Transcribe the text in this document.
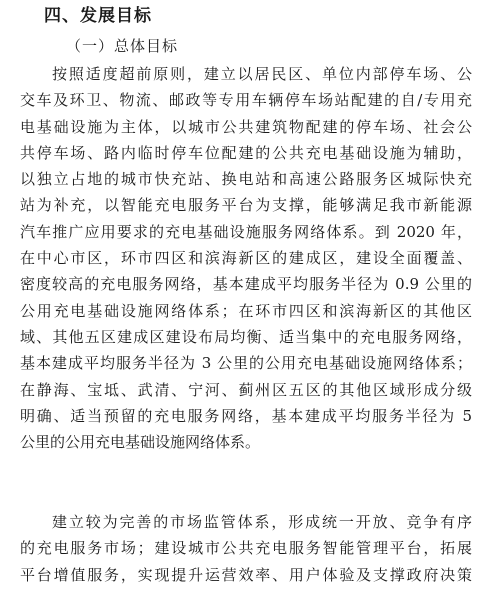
四、发展目标
（一）总体目标
按照适度超前原则，建立以居民区、单位内部停车场、公
交车及环卫、物流、邮政等专用车辆停车场站配建的自/专用充
电基础设施为主体，以城市公共建筑物配建的停车场、社会公
共停车场、路内临时停车位配建的公共充电基础设施为辅助，
以独立占地的城市快充站、换电站和高速公路服务区城际快充
站为补充，以智能充电服务平台为支撑，能够满足我市新能源
汽车推广应用要求的充电基础设施服务网络体系。到 2020 年，
在中心市区，环市四区和滨海新区的建成区，建设全面覆盖、
密度较高的充电服务网络，基本建成平均服务半径为 0.9 公里的
公用充电基础设施网络体系；在环市四区和滨海新区的其他区
域、其他五区建成区建设布局均衡、适当集中的充电服务网络，
基本建成平均服务半径为 3 公里的公用充电基础设施网络体系；
在静海、宝坻、武清、宁河、蓟州区五区的其他区域形成分级
明确、适当预留的充电服务网络，基本建成平均服务半径为 5
公里的公用充电基础设施网络体系。
建立较为完善的市场监管体系，形成统一开放、竞争有序
的充电服务市场；建设城市公共充电服务智能管理平台，拓展
平台增值服务，实现提升运营效率、用户体验及支撑政府决策
